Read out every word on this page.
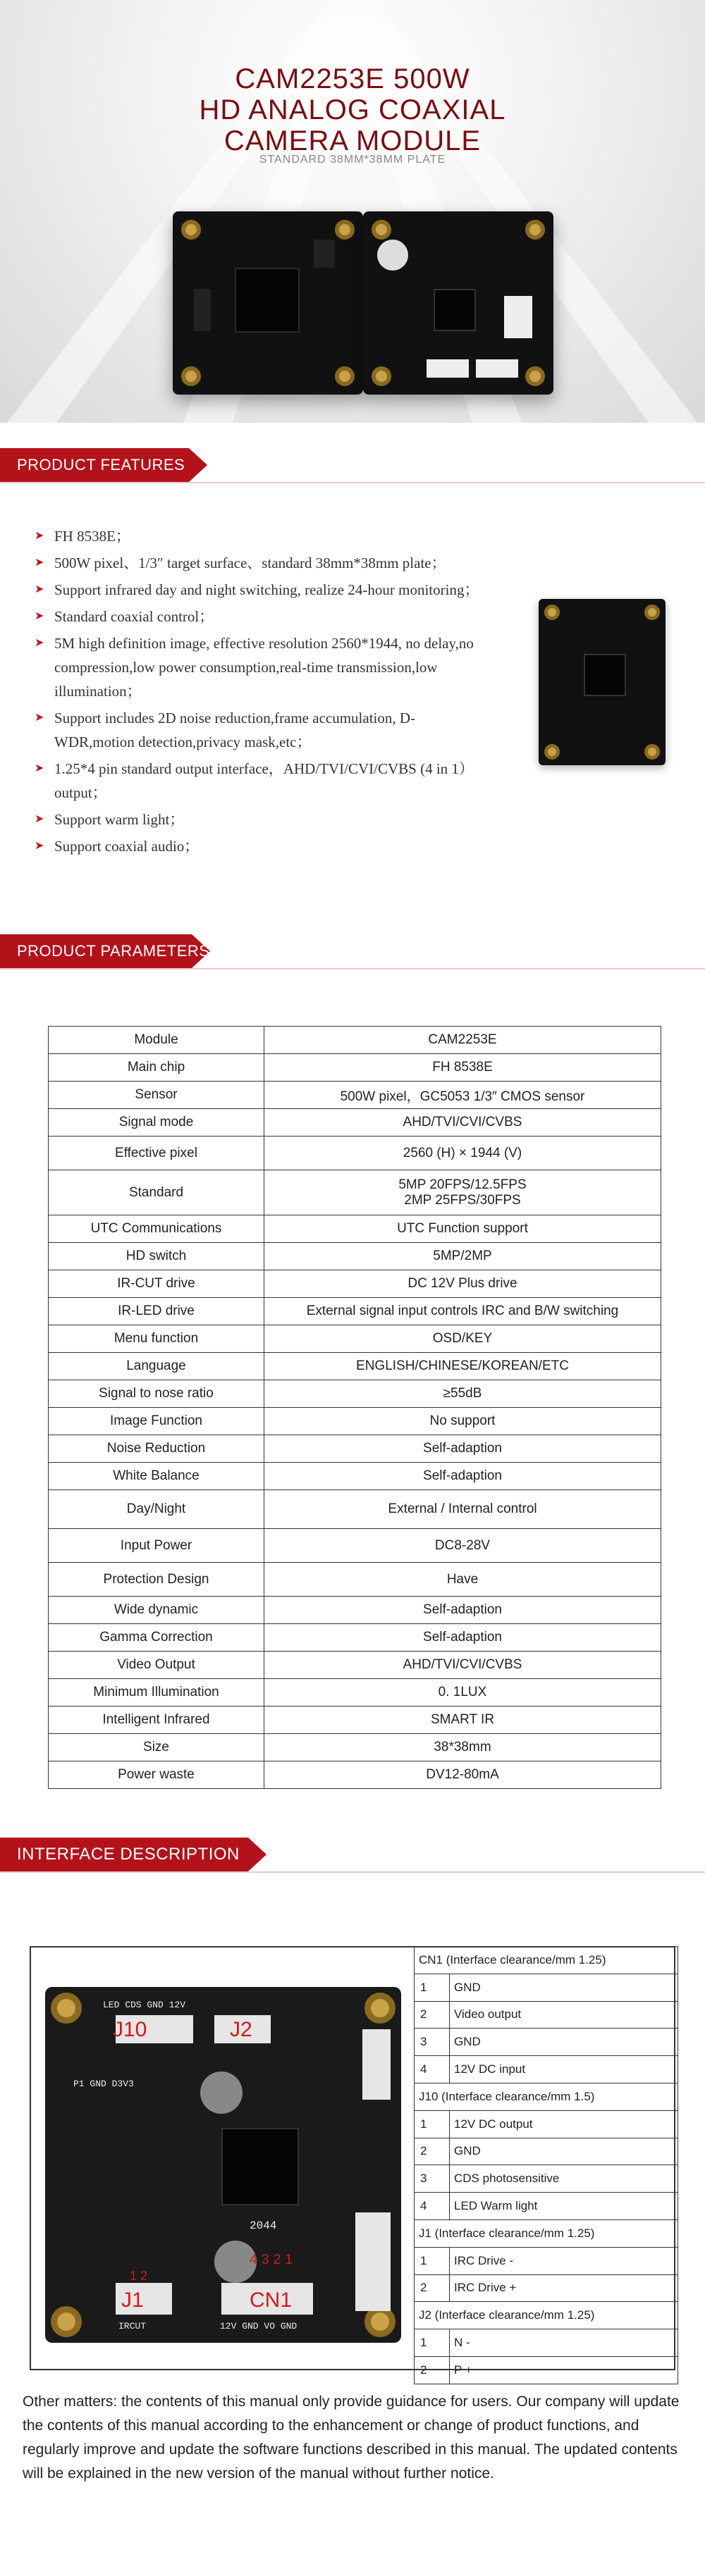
CAM2253E 500W
HD ANALOG COAXIAL
CAMERA MODULE
STANDARD 38MM*38MM PLATE
PRODUCT FEATURES
➤ FH 8538E；
➤ 500W pixel、1/3″ target surface、standard 38mm*38mm plate；
➤ Support infrared day and night switching, realize 24-hour monitoring；
➤ Standard coaxial control；
➤ 5M high definition image, effective resolution 2560*1944, no delay,no compression,low power consumption,real-time transmission,low illumination；
➤ Support includes 2D noise reduction,frame accumulation, D-WDR,motion detection,privacy mask,etc；
➤ 1.25*4 pin standard output interface，AHD/TVI/CVI/CVBS (4 in 1）output；
➤ Support warm light；
➤ Support coaxial audio；
PRODUCT PARAMETERS
Module	CAM2253E
Main chip	FH 8538E
Sensor	500W pixel，GC5053 1/3″ CMOS sensor
Signal mode	AHD/TVI/CVI/CVBS
Effective pixel	2560 (H) × 1944 (V)
Standard	5MP 20FPS/12.5FPS
2MP 25FPS/30FPS

UTC Communications	UTC Function support
HD switch	5MP/2MP
IR-CUT drive	DC 12V Plus drive
IR-LED drive	External signal input controls IRC and B/W switching
Menu function	OSD/KEY
Language	ENGLISH/CHINESE/KOREAN/ETC
Signal to nose ratio	≥55dB
Image Function	No support
Noise Reduction	Self-adaption
White Balance	Self-adaption
Day/Night	External / Internal control
Input Power	DC8-28V
Protection Design	Have
Wide dynamic	Self-adaption
Gamma Correction	Self-adaption
Video Output	AHD/TVI/CVI/CVBS
Minimum Illumination	0. 1LUX
Intelligent Infrared	SMART IR
Size	38*38mm
Power waste	DV12-80mA
INTERFACE DESCRIPTION
LED CDS GND 12V
J10	J2
P1 GND D3V3
2044
4 3 2 1
J1
1 2
CN1
IRCUT	12V GND VO GND
CN1 (Interface clearance/mm 1.25)	
1	GND
2	Video output
3	GND
4	12V DC input
J10 (Interface clearance/mm 1.5)	
1	12V DC output
2	GND
3	CDS photosensitive
4	LED Warm light
J1 (Interface clearance/mm 1.25)	
1	IRC Drive -
2	IRC Drive +
J2 (Interface clearance/mm 1.25)	
1	N -
2	P +
Other matters: the contents of this manual only provide guidance for users. Our company will update the contents of this manual according to the enhancement or change of product functions, and regularly improve and update the software functions described in this manual. The updated contents will be explained in the new version of the manual without further notice.
